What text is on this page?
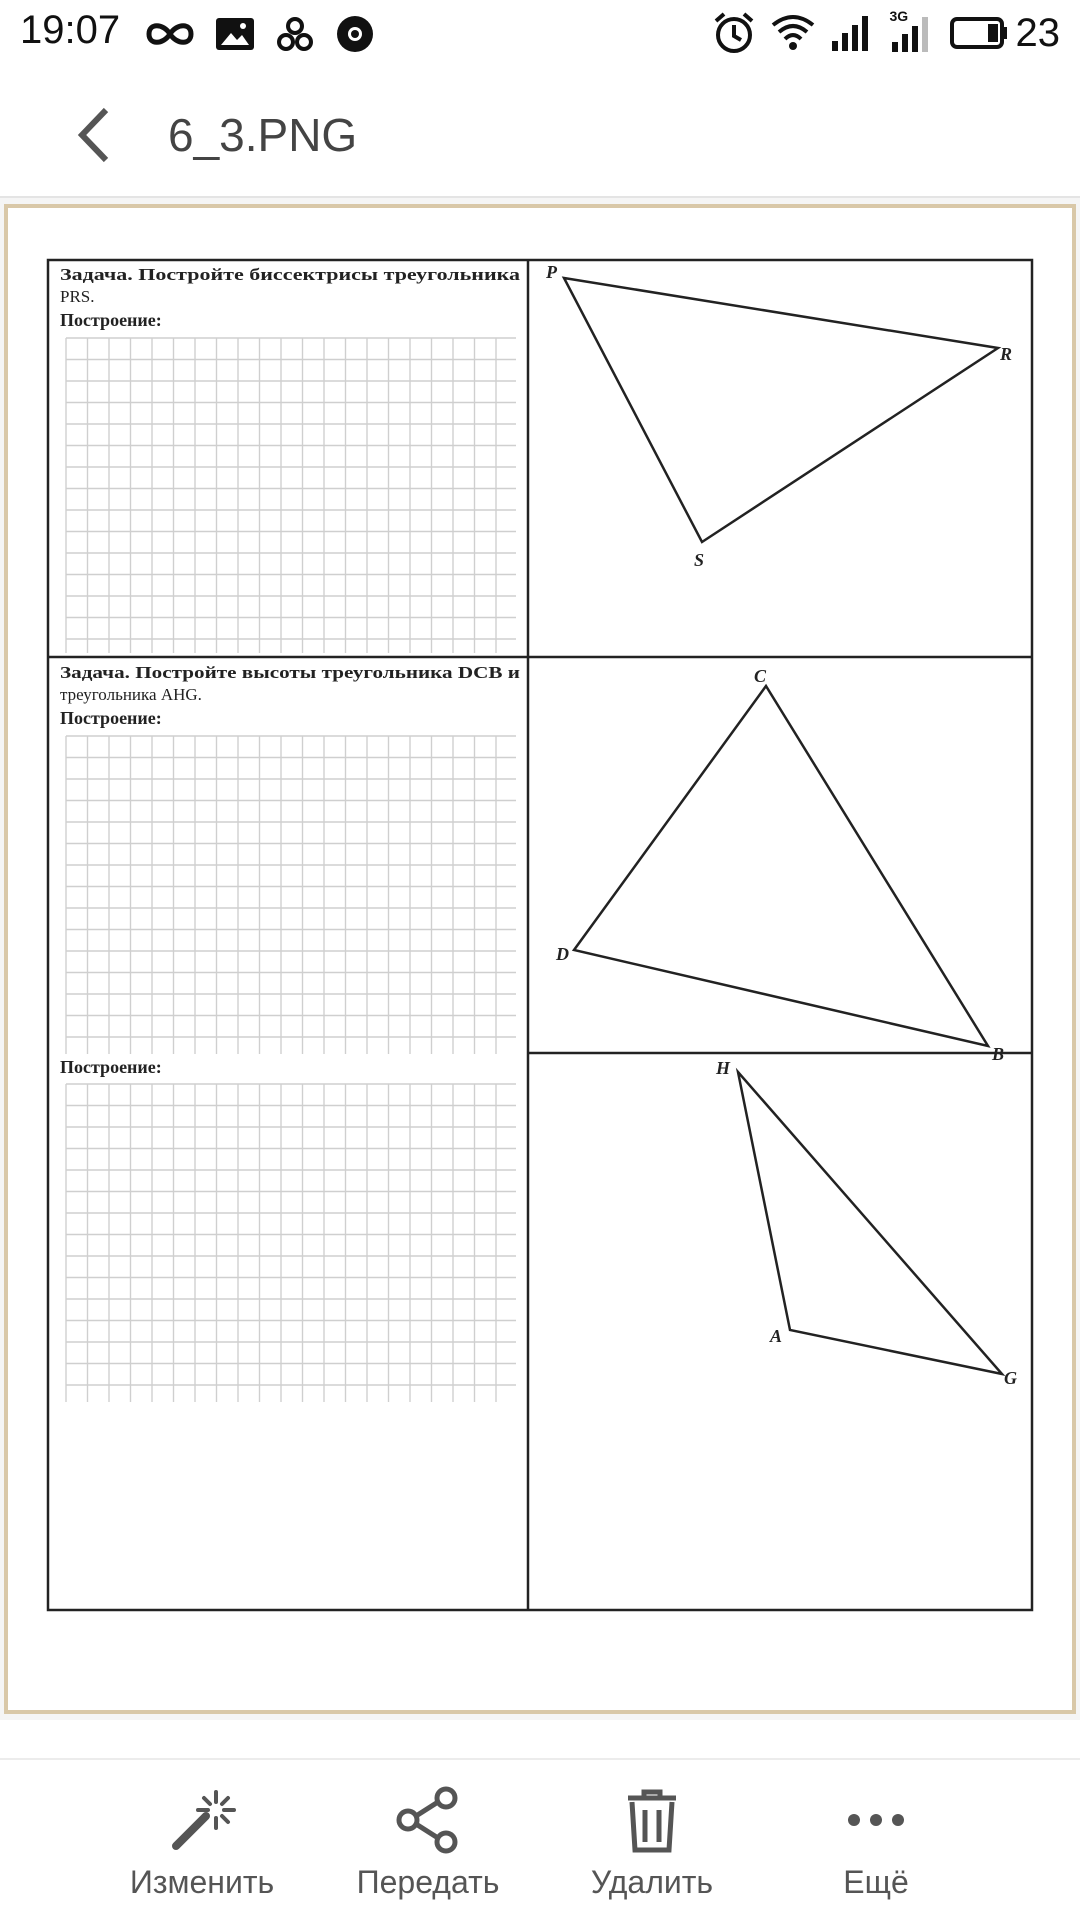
19:07	3G	23
6_3.PNG
Задача. Постройте биссектрисы треугольника
PRS.
Построение:
Задача. Постройте высоты треугольника DCB и
треугольника AHG.
Построение:
Построение:
P
R
S
C
D
B
H
A
G
Изменить	Передать	Удалить	Ещё
